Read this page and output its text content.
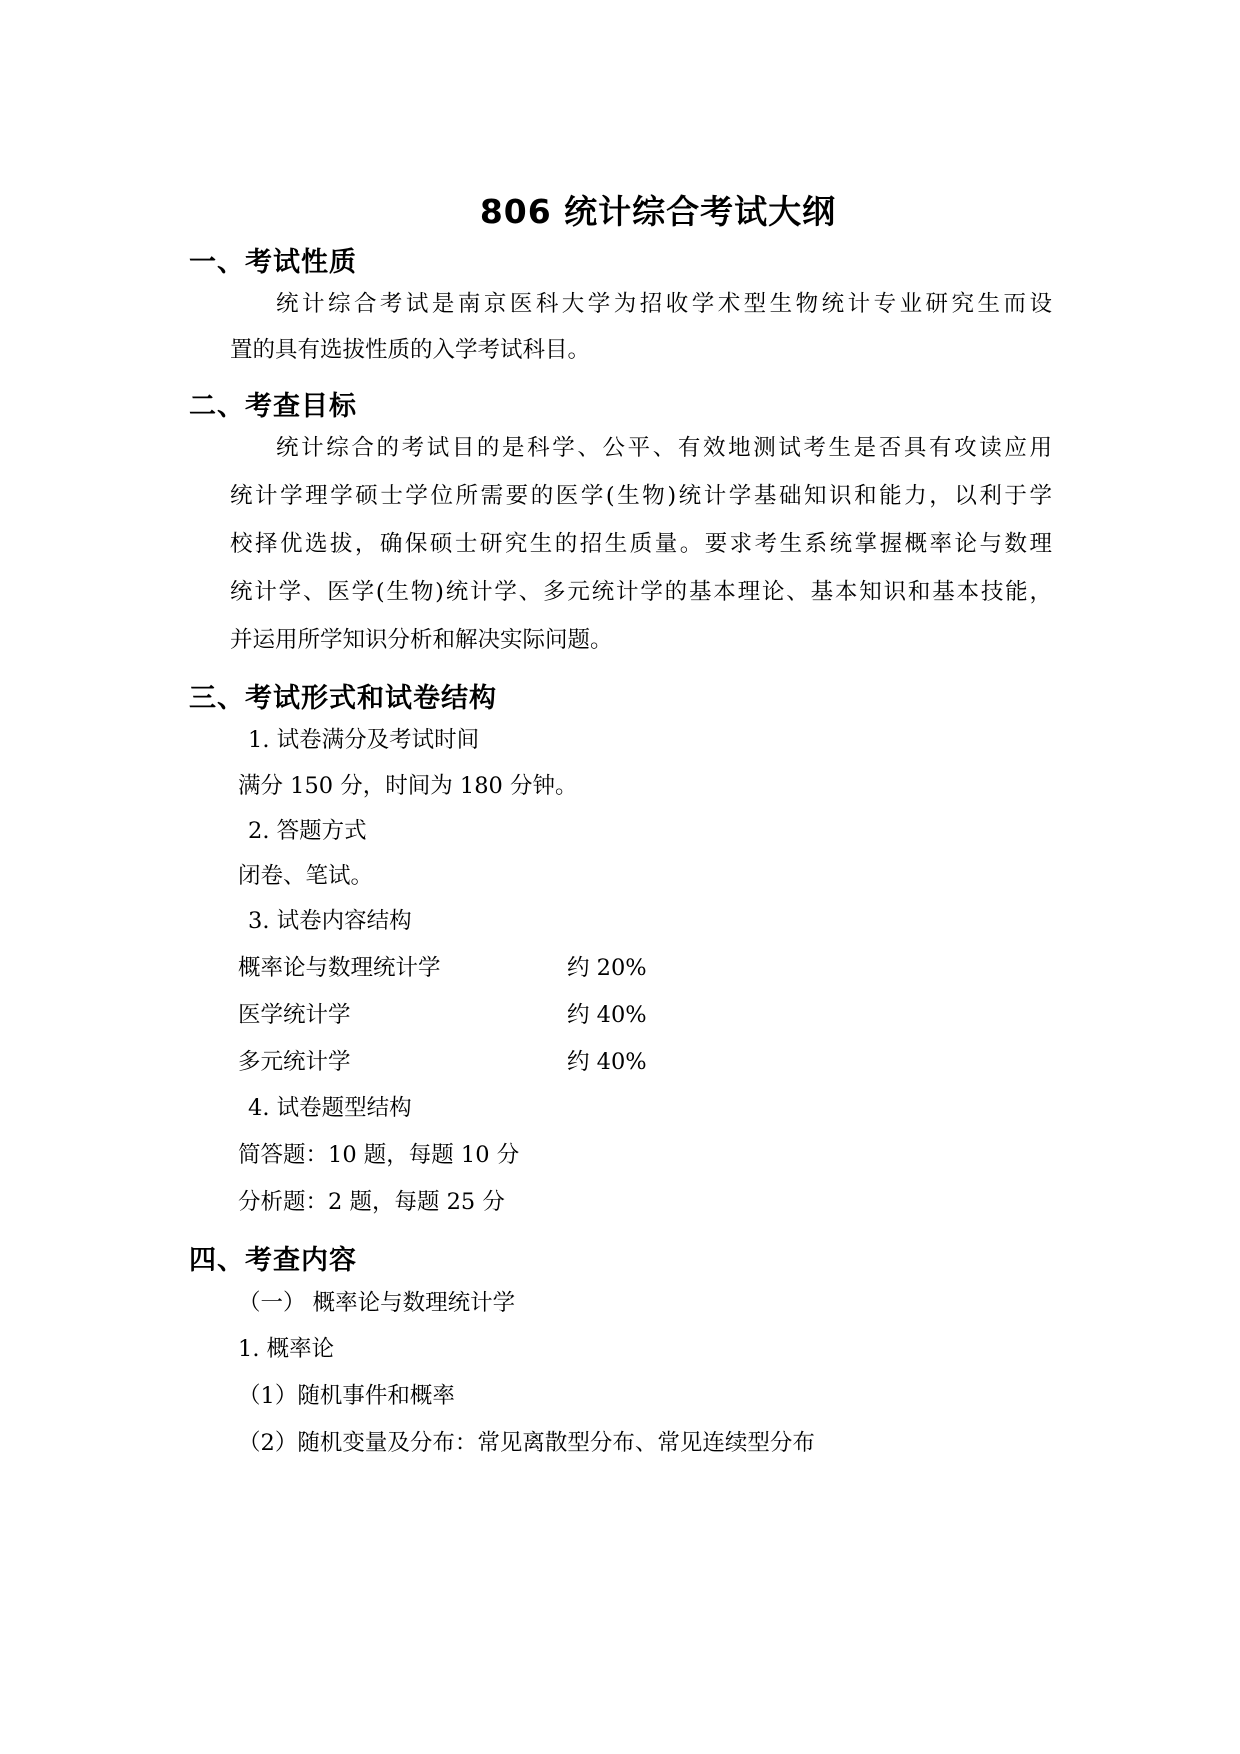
806 统计综合考试大纲
一、考试性质
统计综合考试是南京医科大学为招收学术型生物统计专业研究生而设
置的具有选拔性质的入学考试科目。
二、考查目标
统计综合的考试目的是科学、公平、有效地测试考生是否具有攻读应用
统计学理学硕士学位所需要的医学(生物)统计学基础知识和能力，以利于学
校择优选拔，确保硕士研究生的招生质量。要求考生系统掌握概率论与数理
统计学、医学(生物)统计学、多元统计学的基本理论、基本知识和基本技能，
并运用所学知识分析和解决实际问题。
三、考试形式和试卷结构
1. 试卷满分及考试时间
满分 150 分，时间为 180 分钟。
2. 答题方式
闭卷、笔试。
3. 试卷内容结构
概率论与数理统计学	约 20%
医学统计学	约 40%
多元统计学	约 40%
4. 试卷题型结构
简答题：10 题，每题 10 分
分析题：2 题，每题 25 分
四、考查内容
（一） 概率论与数理统计学
1. 概率论
（1）随机事件和概率
（2）随机变量及分布：常见离散型分布、常见连续型分布
